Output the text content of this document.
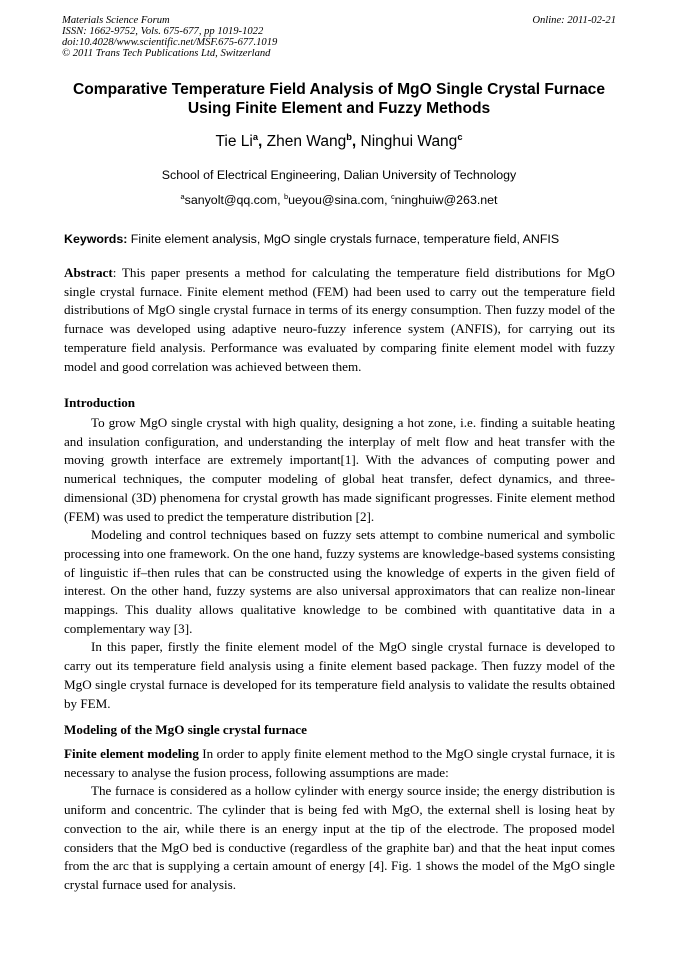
Materials Science Forum
ISSN: 1662-9752, Vols. 675-677, pp 1019-1022
doi:10.4028/www.scientific.net/MSF.675-677.1019
© 2011 Trans Tech Publications Ltd, Switzerland
Online: 2011-02-21
Comparative Temperature Field Analysis of MgO Single Crystal Furnace Using Finite Element and Fuzzy Methods
Tie Li$^a$, Zhen Wang$^b$, Ninghui Wang$^c$
School of Electrical Engineering, Dalian University of Technology
$^a$sanyolt@qq.com, $^b$ueyou@sina.com, $^c$ninghuiw@263.net
Keywords: Finite element analysis, MgO single crystals furnace, temperature field, ANFIS

Abstract: This paper presents a method for calculating the temperature field distributions for MgO single crystal furnace. Finite element method (FEM) had been used to carry out the temperature field distributions of MgO single crystal furnace in terms of its energy consumption. Then fuzzy model of the furnace was developed using adaptive neuro-fuzzy inference system (ANFIS), for carrying out its temperature field analysis. Performance was evaluated by comparing finite element model with fuzzy model and good correlation was achieved between them.

Introduction

To grow MgO single crystal with high quality, designing a hot zone, i.e. finding a suitable heating and insulation configuration, and understanding the interplay of melt flow and heat transfer with the moving growth interface are extremely important[1]. With the advances of computing power and numerical techniques, the computer modeling of global heat transfer, defect dynamics, and three-dimensional (3D) phenomena for crystal growth has made significant progresses. Finite element method (FEM) was used to predict the temperature distribution [2].

Modeling and control techniques based on fuzzy sets attempt to combine numerical and symbolic processing into one framework. On the one hand, fuzzy systems are knowledge-based systems consisting of linguistic if–then rules that can be constructed using the knowledge of experts in the given field of interest. On the other hand, fuzzy systems are also universal approximators that can realize non-linear mappings. This duality allows qualitative knowledge to be combined with quantitative data in a complementary way [3].

In this paper, firstly the finite element model of the MgO single crystal furnace is developed to carry out its temperature field analysis using a finite element based package. Then fuzzy model of the MgO single crystal furnace is developed for its temperature field analysis to validate the results obtained by FEM.

Modeling of the MgO single crystal furnace

Finite element modeling In order to apply finite element method to the MgO single crystal furnace, it is necessary to analyse the fusion process, following assumptions are made:

The furnace is considered as a hollow cylinder with energy source inside; the energy distribution is uniform and concentric. The cylinder that is being fed with MgO, the external shell is losing heat by convection to the air, while there is an energy input at the tip of the electrode. The proposed model considers that the MgO bed is conductive (regardless of the graphite bar) and that the heat input comes from the arc that is supplying a certain amount of energy [4]. Fig. 1 shows the model of the MgO single crystal furnace used for analysis.
